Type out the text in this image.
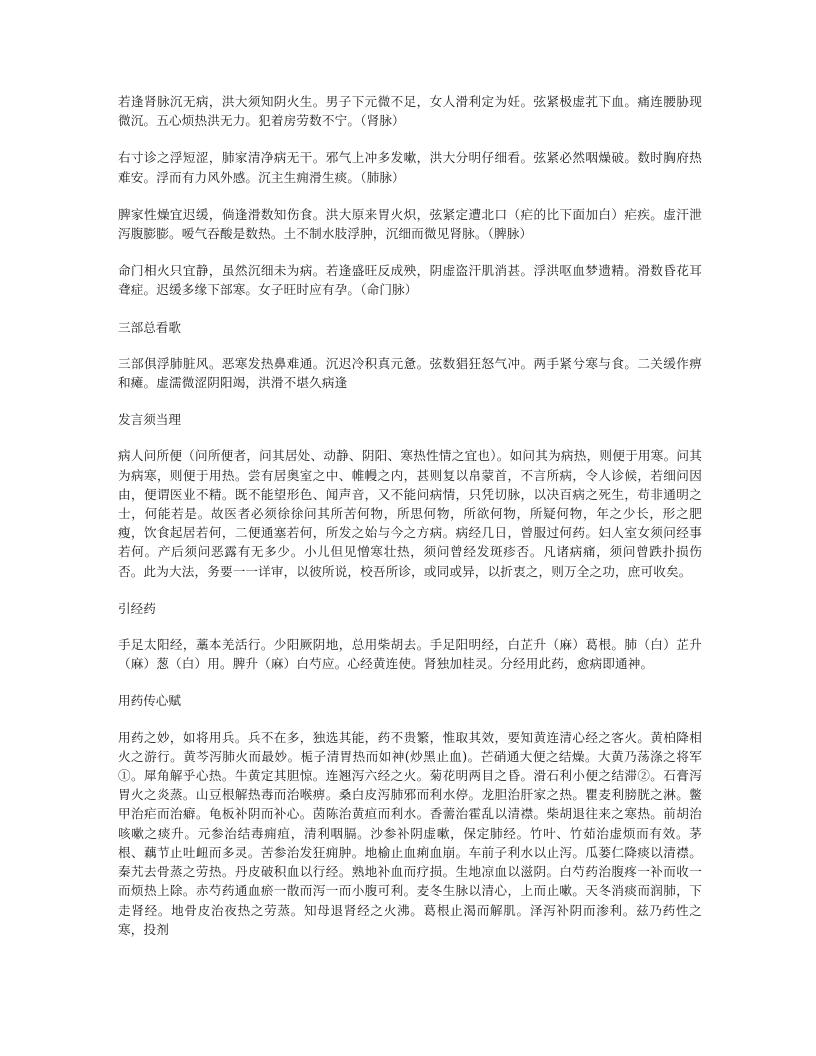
若逢肾脉沉无病，洪大须知阴火生。男子下元微不足，女人滑利定为妊。弦紧极虚芤下血。痛连腰胁现微沉。五心烦热洪无力。犯着房劳数不宁。（肾脉）

右寸诊之浮短涩，肺家清净病无干。邪气上冲多发嗽，洪大分明仔细看。弦紧必然咽燥破。数时胸府热难安。浮而有力风外感。沉主生痈滑生痰。（肺脉）

脾家性燥宜迟缓，倘逢滑数知伤食。洪大原来胃火炽，弦紧定遭北口（疟的比下面加白）疟疾。虚汗泄泻腹膨膨。嗳气吞酸是数热。土不制水肢浮肿，沉细而微见肾脉。（脾脉）

命门相火只宜静，虽然沉细未为病。若逢盛旺反成殃，阴虚盗汗肌消甚。浮洪呕血梦遗精。滑数昏花耳聋症。迟缓多缘下部寒。女子旺时应有孕。（命门脉）

三部总看歌

三部俱浮肺脏风。恶寒发热鼻难通。沉迟冷积真元惫。弦数猖狂怒气冲。两手紧兮寒与食。二关缓作痹和瘫。虚濡微涩阴阳竭，洪滑不堪久病逢

发言须当理

病人问所便（问所便者，问其居处、动静、阴阳、寒热性情之宜也）。如问其为病热，则便于用寒。问其为病寒，则便于用热。尝有居奥室之中、帷幔之内，甚则复以帛蒙首，不言所病，令人诊候，若细问因由，便谓医业不精。既不能望形色、闻声音，又不能问病情，只凭切脉，以决百病之死生，苟非通明之士，何能若是。故医者必须徐徐问其所苦何物，所思何物，所欲何物，所疑何物，年之少长，形之肥瘦，饮食起居若何，二便通塞若何，所发之始与今之方病。病经几日，曾服过何药。妇人室女须问经事若何。产后须问恶露有无多少。小儿但见憎寒壮热，须问曾经发斑疹否。凡诸病痛，须问曾跌扑损伤否。此为大法，务要一一详审，以彼所说，校吾所诊，或同或异，以折衷之，则万全之功，庶可收矣。

引经药

手足太阳经，藁本羌活行。少阳厥阴地，总用柴胡去。手足阳明经，白芷升（麻）葛根。肺（白）芷升（麻）葱（白）用。脾升（麻）白芍应。心经黄连使。肾独加桂灵。分经用此药，愈病即通神。

用药传心赋

用药之妙，如将用兵。兵不在多，独选其能，药不贵繁，惟取其效，要知黄连清心经之客火。黄柏降相火之游行。黄芩泻肺火而最妙。栀子清胃热而如神(炒黑止血)。芒硝通大便之结燥。大黄乃荡涤之将军①。犀角解乎心热。牛黄定其胆惊。连翘泻六经之火。菊花明两目之昏。滑石利小便之结滞②。石膏泻胃火之炎蒸。山豆根解热毒而治喉痹。桑白皮泻肺邪而利水停。龙胆治肝家之热。瞿麦利膀胱之淋。鳖甲治疟而治癖。龟板补阴而补心。茵陈治黄疸而利水。香薷治霍乱以清襟。柴胡退往来之寒热。前胡治咳嗽之痰升。元参治结毒痈疽，清利咽膈。沙参补阴虚嗽，保定肺经。竹叶、竹茹治虚烦而有效。茅根、藕节止吐衄而多灵。苦参治发狂痈肿。地榆止血痢血崩。车前子利水以止泻。瓜蒌仁降痰以清襟。秦艽去骨蒸之劳热。丹皮破积血以行经。熟地补血而疗损。生地凉血以滋阴。白芍药治腹疼一补而收一而烦热上除。赤芍药通血瘀一散而泻一而小腹可利。麦冬生脉以清心，上而止嗽。天冬消痰而润肺，下走肾经。地骨皮治夜热之劳蒸。知母退肾经之火沸。葛根止渴而解肌。泽泻补阴而渗利。兹乃药性之寒，投剂
